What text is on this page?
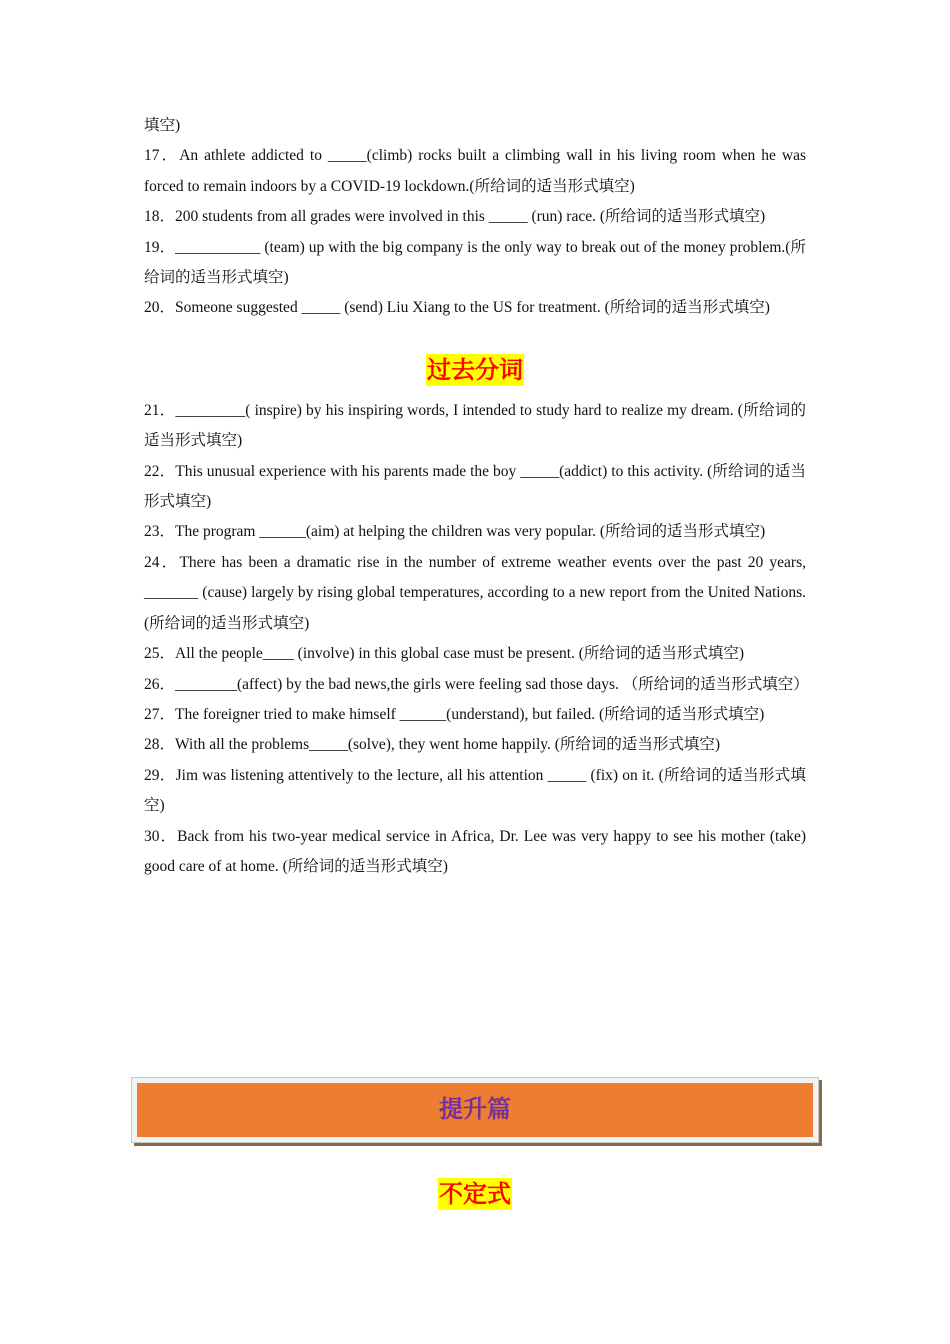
填空)

17．An athlete addicted to _____(climb) rocks built a climbing wall in his living room when he was forced to remain indoors by a COVID-19 lockdown.(所给词的适当形式填空)

18．200 students from all grades were involved in this _____ (run) race. (所给词的适当形式填空)

19．___________ (team) up with the big company is the only way to break out of the money problem.(所给词的适当形式填空)

20．Someone suggested _____ (send) Liu Xiang to the US for treatment. (所给词的适当形式填空)

过去分词

21．_________( inspire) by his inspiring words, I intended to study hard to realize my dream. (所给词的适当形式填空)

22．This unusual experience with his parents made the boy _____(addict) to this activity. (所给词的适当形式填空)

23．The program ______(aim) at helping the children was very popular. (所给词的适当形式填空)

24．There has been a dramatic rise in the number of extreme weather events over the past 20 years, _______ (cause) largely by rising global temperatures, according to a new report from the United Nations. (所给词的适当形式填空)

25．All the people____ (involve) in this global case must be present. (所给词的适当形式填空)

26．________(affect) by the bad news,the girls were feeling sad those days. （所给词的适当形式填空）

27．The foreigner tried to make himself ______(understand), but failed. (所给词的适当形式填空)

28．With all the problems_____(solve), they went home happily. (所给词的适当形式填空)

29．Jim was listening attentively to the lecture, all his attention _____ (fix) on it. (所给词的适当形式填空)

30．Back from his two-year medical service in Africa, Dr. Lee was very happy to see his mother (take) good care of at home. (所给词的适当形式填空)

提升篇
不定式
